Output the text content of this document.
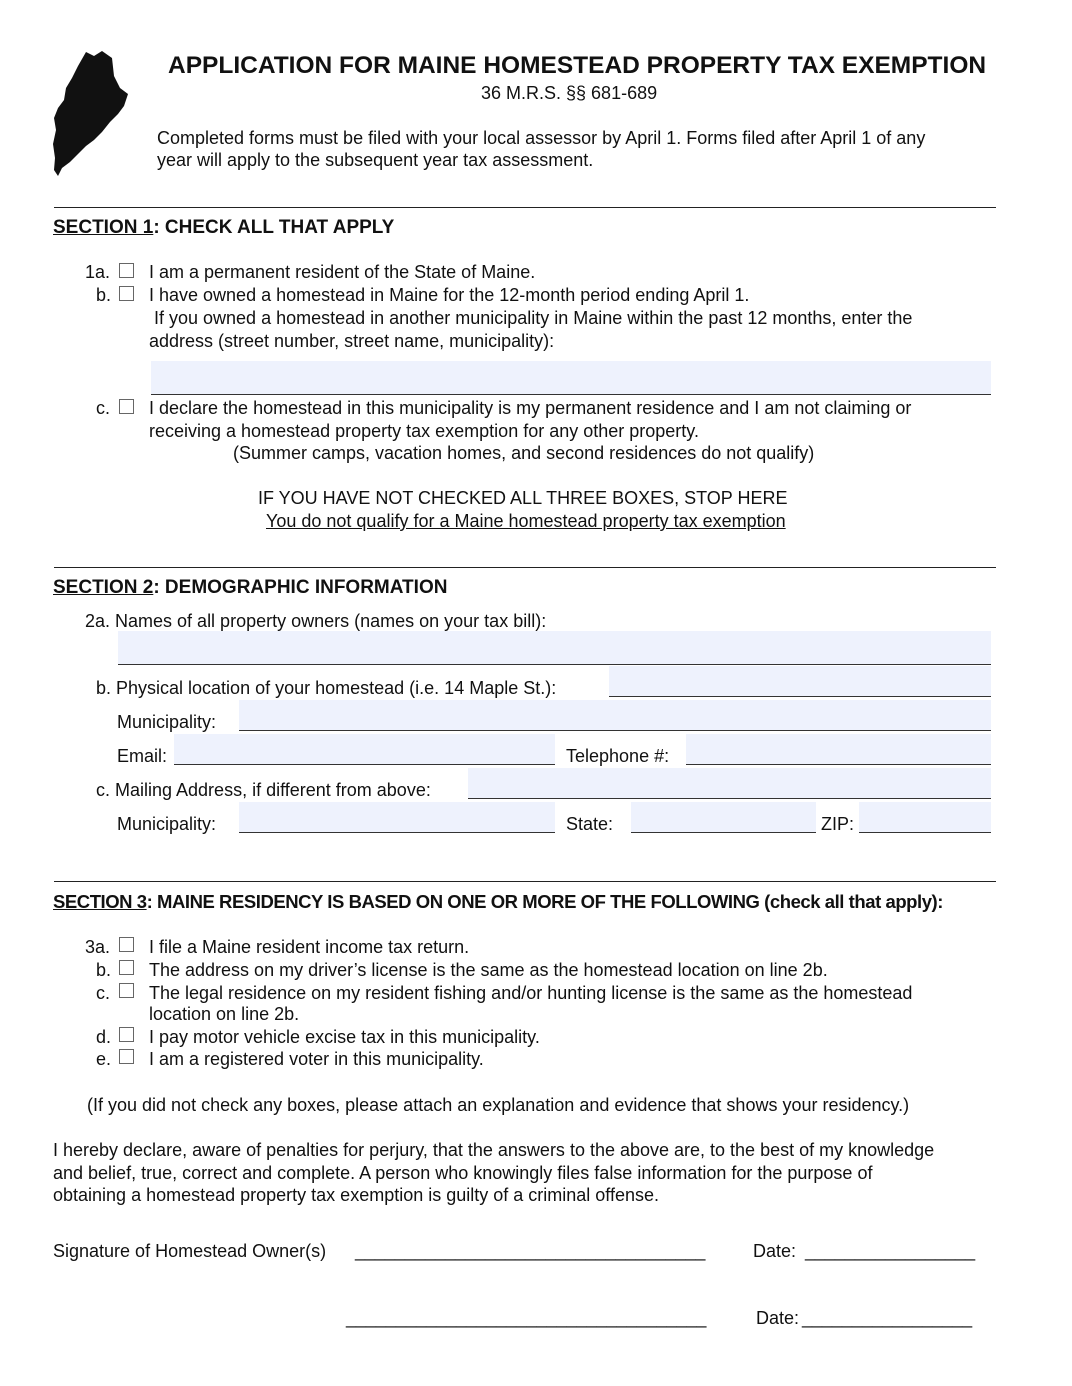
APPLICATION FOR MAINE HOMESTEAD PROPERTY TAX EXEMPTION
36 M.R.S. §§ 681-689
Completed forms must be filed with your local assessor by April 1. Forms filed after April 1 of any
year will apply to the subsequent year tax assessment.
SECTION 1: CHECK ALL THAT APPLY
1a. I am a permanent resident of the State of Maine.
b. I have owned a homestead in Maine for the 12-month period ending April 1.
If you owned a homestead in another municipality in Maine within the past 12 months, enter the
address (street number, street name, municipality):
c. I declare the homestead in this municipality is my permanent residence and I am not claiming or
receiving a homestead property tax exemption for any other property.
(Summer camps, vacation homes, and second residences do not qualify)
IF YOU HAVE NOT CHECKED ALL THREE BOXES, STOP HERE
You do not qualify for a Maine homestead property tax exemption
SECTION 2: DEMOGRAPHIC INFORMATION
2a. Names of all property owners (names on your tax bill):
b. Physical location of your homestead (i.e. 14 Maple St.):
Municipality:
Email:	Telephone #:
c. Mailing Address, if different from above:
Municipality:	State:	ZIP:
SECTION 3: MAINE RESIDENCY IS BASED ON ONE OR MORE OF THE FOLLOWING (check all that apply):
3a. I file a Maine resident income tax return.
b. The address on my driver’s license is the same as the homestead location on line 2b.
c. The legal residence on my resident fishing and/or hunting license is the same as the homestead
location on line 2b.
d. I pay motor vehicle excise tax in this municipality.
e. I am a registered voter in this municipality.
(If you did not check any boxes, please attach an explanation and evidence that shows your residency.)
I hereby declare, aware of penalties for perjury, that the answers to the above are, to the best of my knowledge
and belief, true, correct and complete. A person who knowingly files false information for the purpose of
obtaining a homestead property tax exemption is guilty of a criminal offense.
Signature of Homestead Owner(s) ___________________________________	Date: _________________
____________________________________	Date: _________________
